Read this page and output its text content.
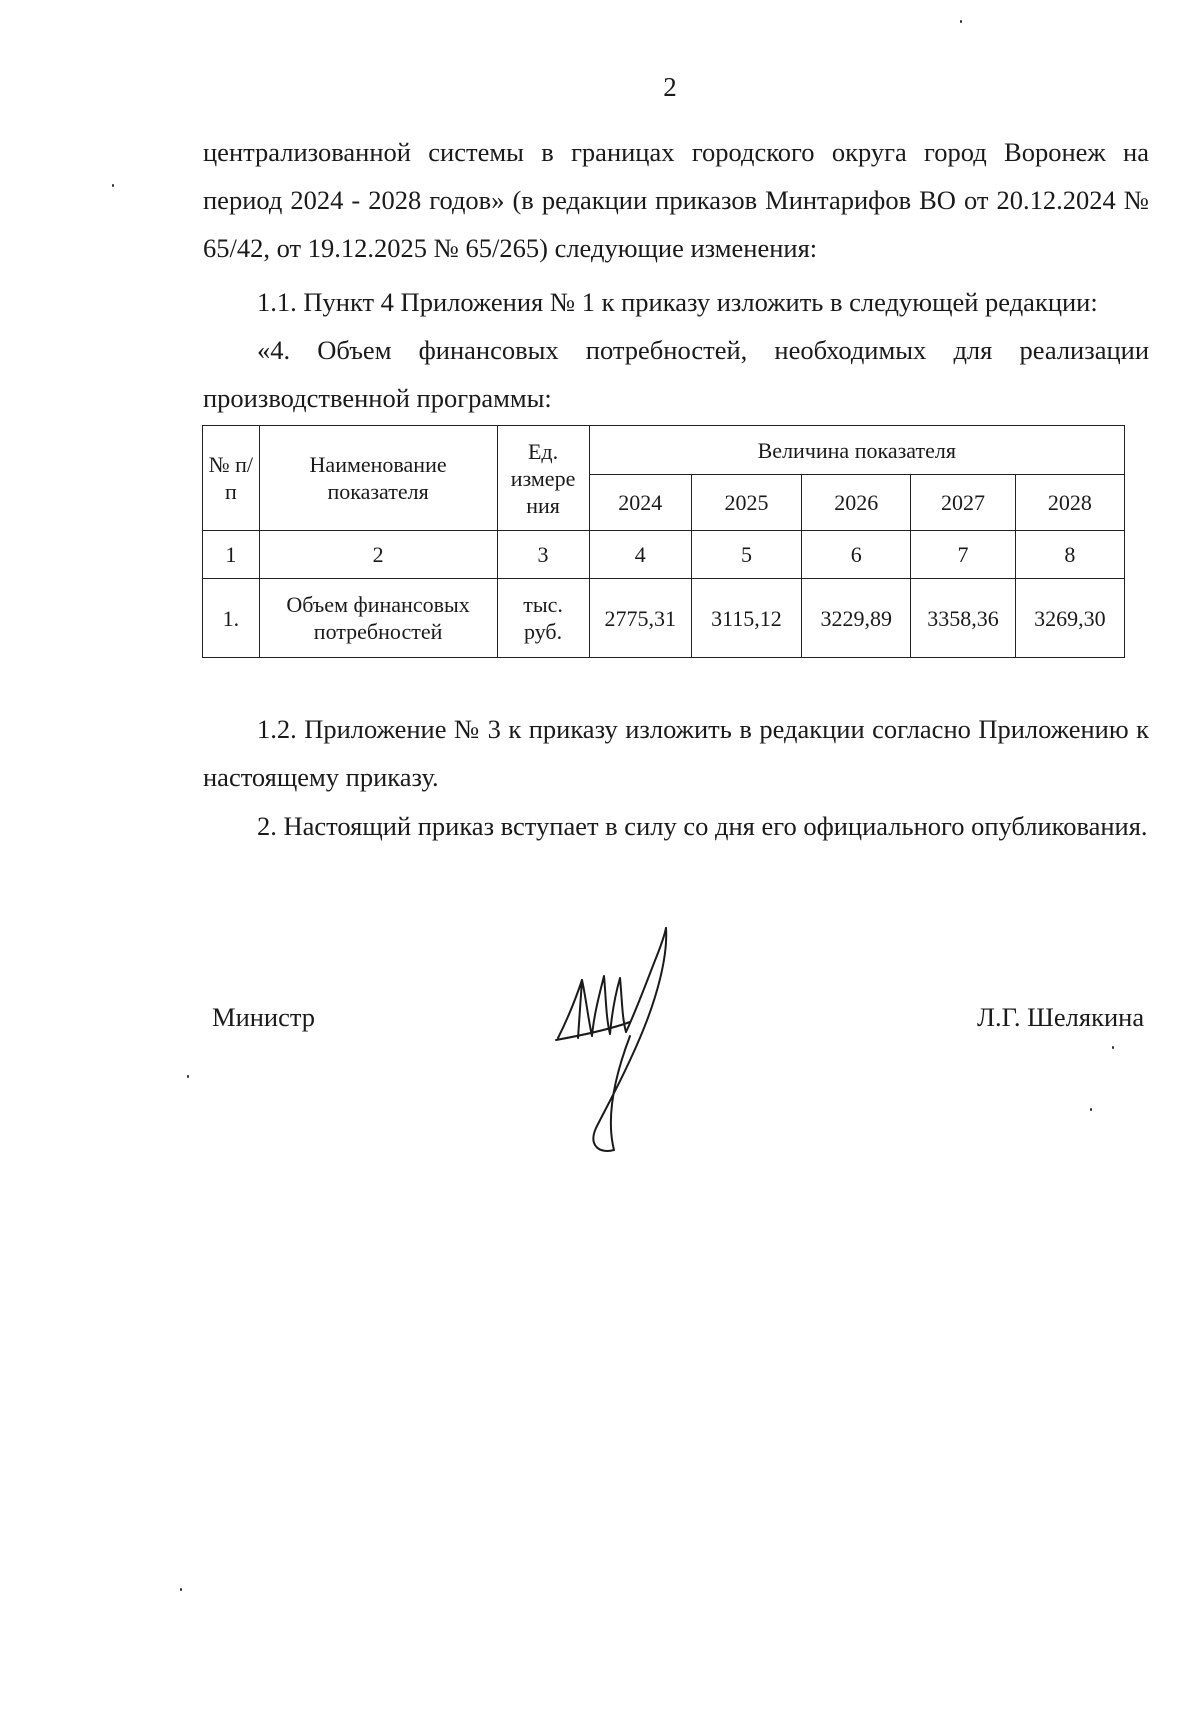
2

централизованной системы в границах городского округа город Воронеж на период 2024 - 2028 годов» (в редакции приказов Минтарифов ВО от 20.12.2024 № 65/42, от 19.12.2025 № 65/265) следующие изменения:

1.1. Пункт 4 Приложения № 1 к приказу изложить в следующей редакции:

«4. Объем финансовых потребностей, необходимых для реализации производственной программы:

№ п/п	Наименование показателя	Ед. измере ния	Величина показателя				
			2024	2025	2026	2027	2028
1	2	3	4	5	6	7	8
1.	Объем финансовых потребностей	тыс. руб.	2775,31	3115,12	3229,89	3358,36	3269,30

1.2. Приложение № 3 к приказу изложить в редакции согласно Приложению к настоящему приказу.

2. Настоящий приказ вступает в силу со дня его официального опубликования.

Министр	Л.Г. Шелякина
